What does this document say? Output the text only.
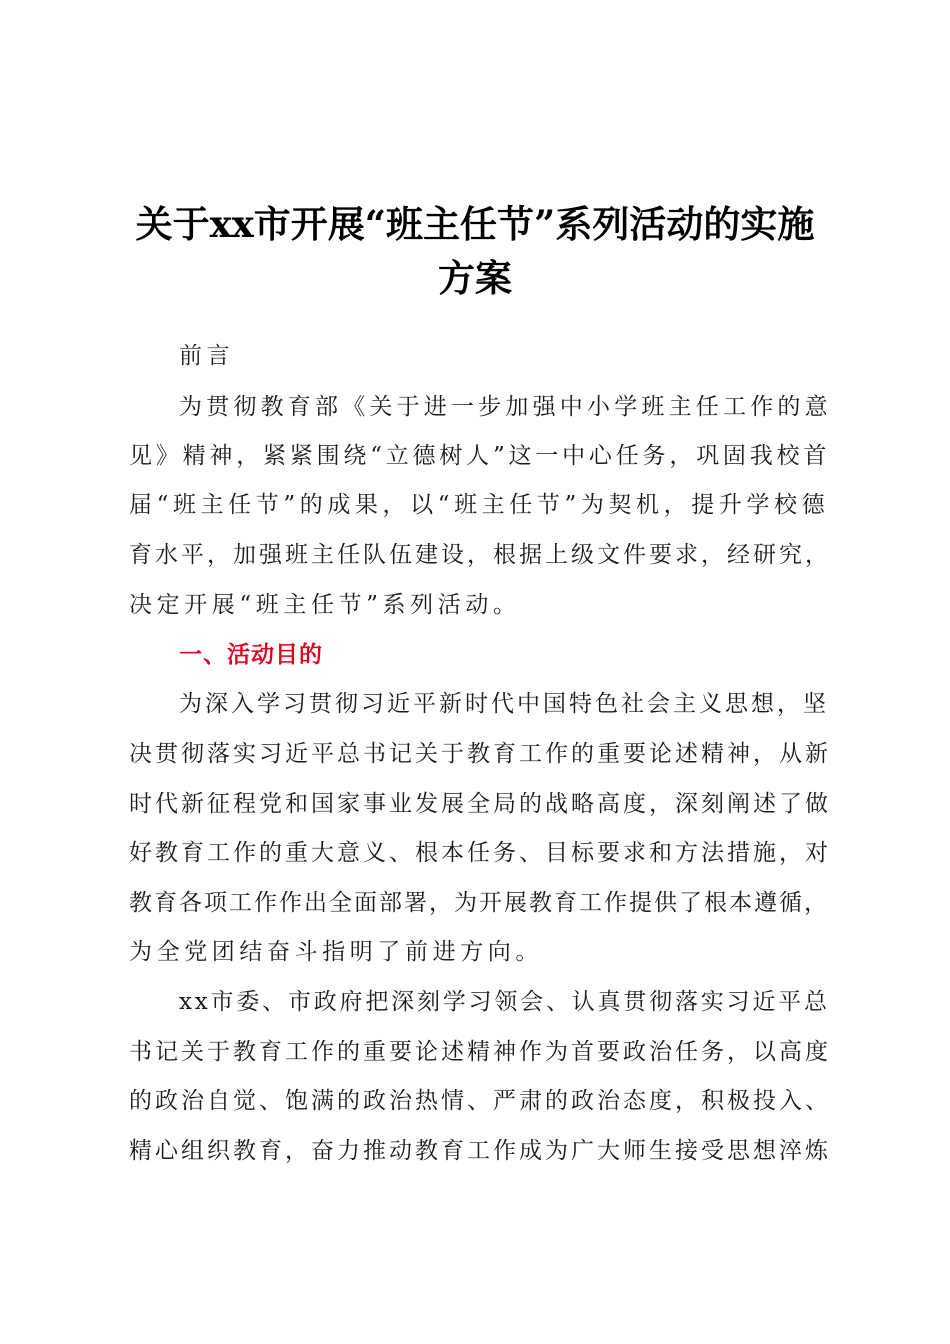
关于xx市开展“班主任节”系列活动的实施
方案

前言

为贯彻教育部《关于进一步加强中小学班主任工作的意

见》精神，紧紧围绕“立德树人”这一中心任务，巩固我校首

届“班主任节”的成果，以“班主任节”为契机，提升学校德

育水平，加强班主任队伍建设，根据上级文件要求，经研究，

决定开展“班主任节”系列活动。

一、活动目的

为深入学习贯彻习近平新时代中国特色社会主义思想，坚

决贯彻落实习近平总书记关于教育工作的重要论述精神，从新

时代新征程党和国家事业发展全局的战略高度，深刻阐述了做

好教育工作的重大意义、根本任务、目标要求和方法措施，对

教育各项工作作出全面部署，为开展教育工作提供了根本遵循，

为全党团结奋斗指明了前进方向。

xx市委、市政府把深刻学习领会、认真贯彻落实习近平总

书记关于教育工作的重要论述精神作为首要政治任务，以高度

的政治自觉、饱满的政治热情、严肃的政治态度，积极投入、

精心组织教育，奋力推动教育工作成为广大师生接受思想淬炼
